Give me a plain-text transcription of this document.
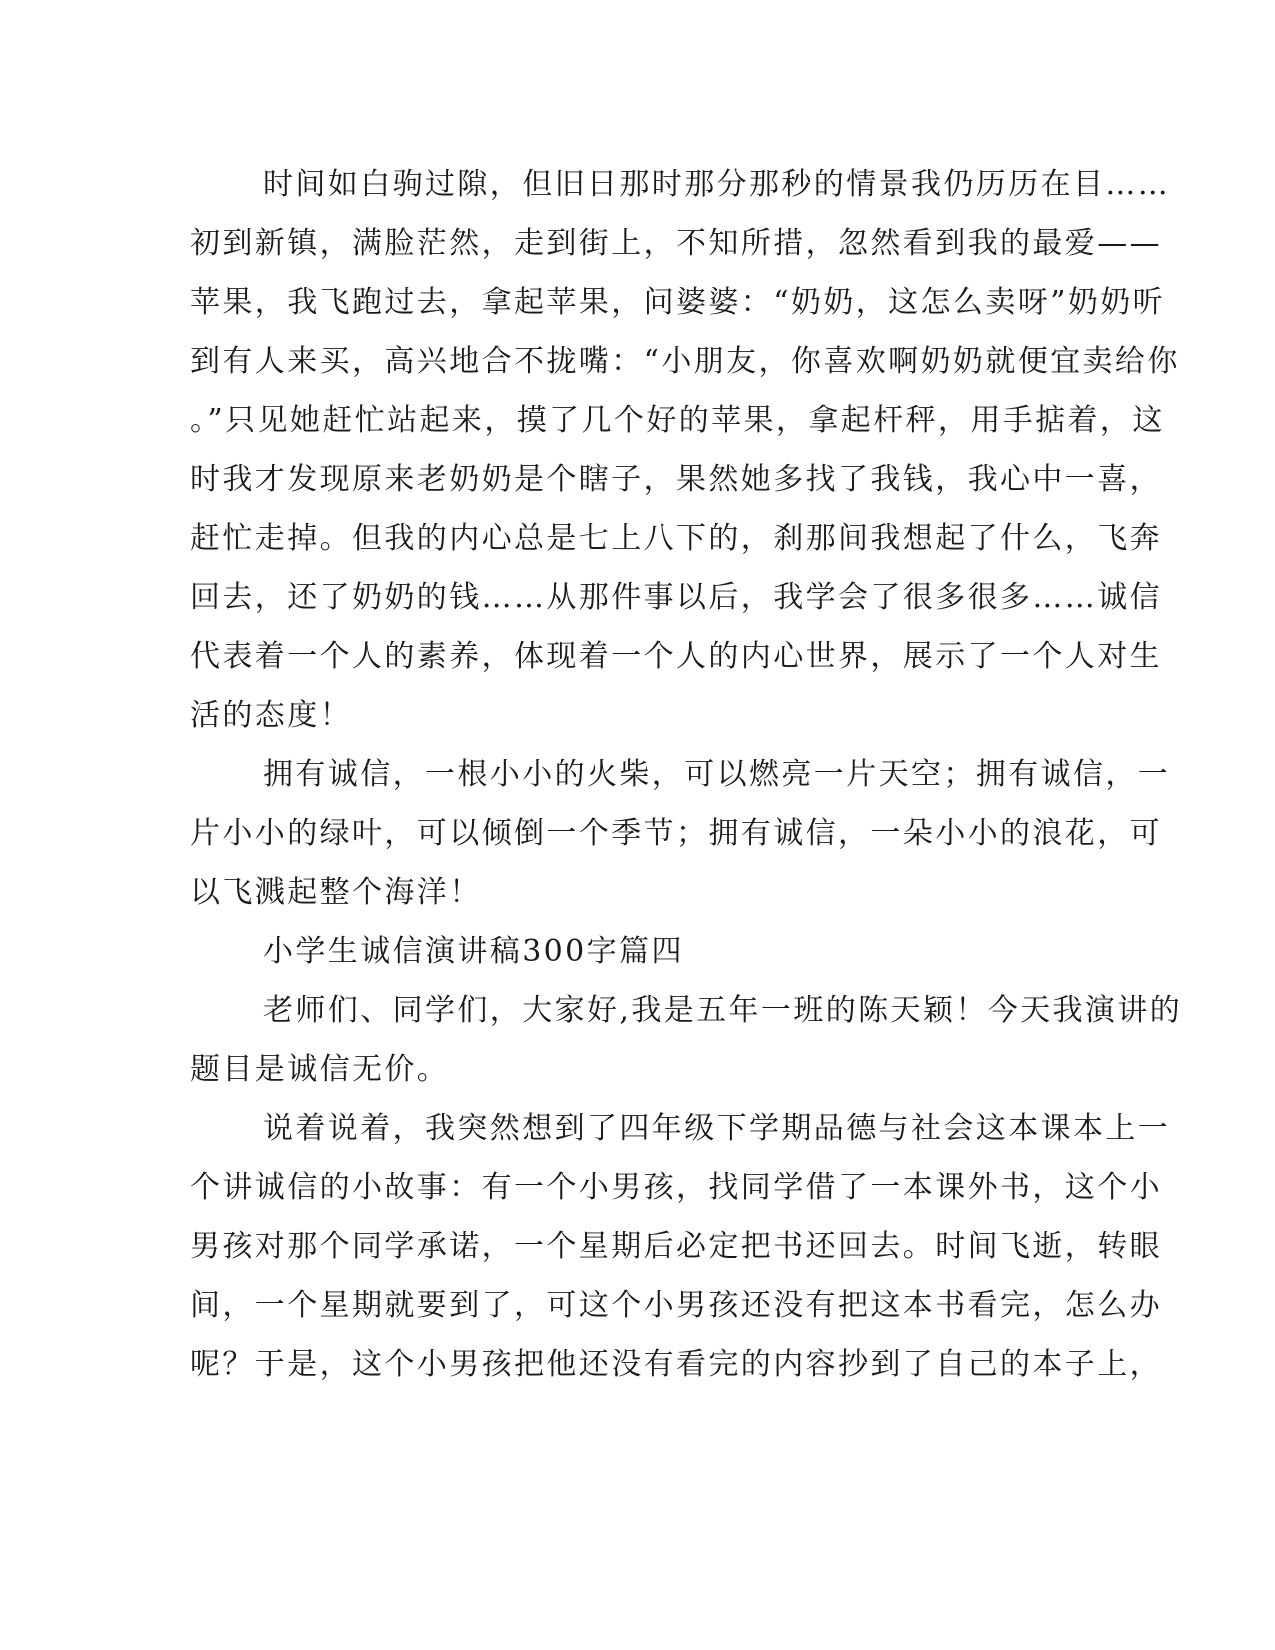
时间如白驹过隙，但旧日那时那分那秒的情景我仍历历在目……
初到新镇，满脸茫然，走到街上，不知所措，忽然看到我的最爱——
苹果，我飞跑过去，拿起苹果，问婆婆：“奶奶，这怎么卖呀”奶奶听
到有人来买，高兴地合不拢嘴：“小朋友，你喜欢啊奶奶就便宜卖给你
。”只见她赶忙站起来，摸了几个好的苹果，拿起杆秤，用手掂着，这
时我才发现原来老奶奶是个瞎子，果然她多找了我钱，我心中一喜，
赶忙走掉。但我的内心总是七上八下的，刹那间我想起了什么，飞奔
回去，还了奶奶的钱……从那件事以后，我学会了很多很多……诚信
代表着一个人的素养，体现着一个人的内心世界，展示了一个人对生
活的态度！
拥有诚信，一根小小的火柴，可以燃亮一片天空；拥有诚信，一
片小小的绿叶，可以倾倒一个季节；拥有诚信，一朵小小的浪花，可
以飞溅起整个海洋！
小学生诚信演讲稿300字篇四
老师们、同学们，大家好,我是五年一班的陈天颖！今天我演讲的
题目是诚信无价。
说着说着，我突然想到了四年级下学期品德与社会这本课本上一
个讲诚信的小故事：有一个小男孩，找同学借了一本课外书，这个小
男孩对那个同学承诺，一个星期后必定把书还回去。时间飞逝，转眼
间，一个星期就要到了，可这个小男孩还没有把这本书看完，怎么办
呢？于是，这个小男孩把他还没有看完的内容抄到了自己的本子上，
